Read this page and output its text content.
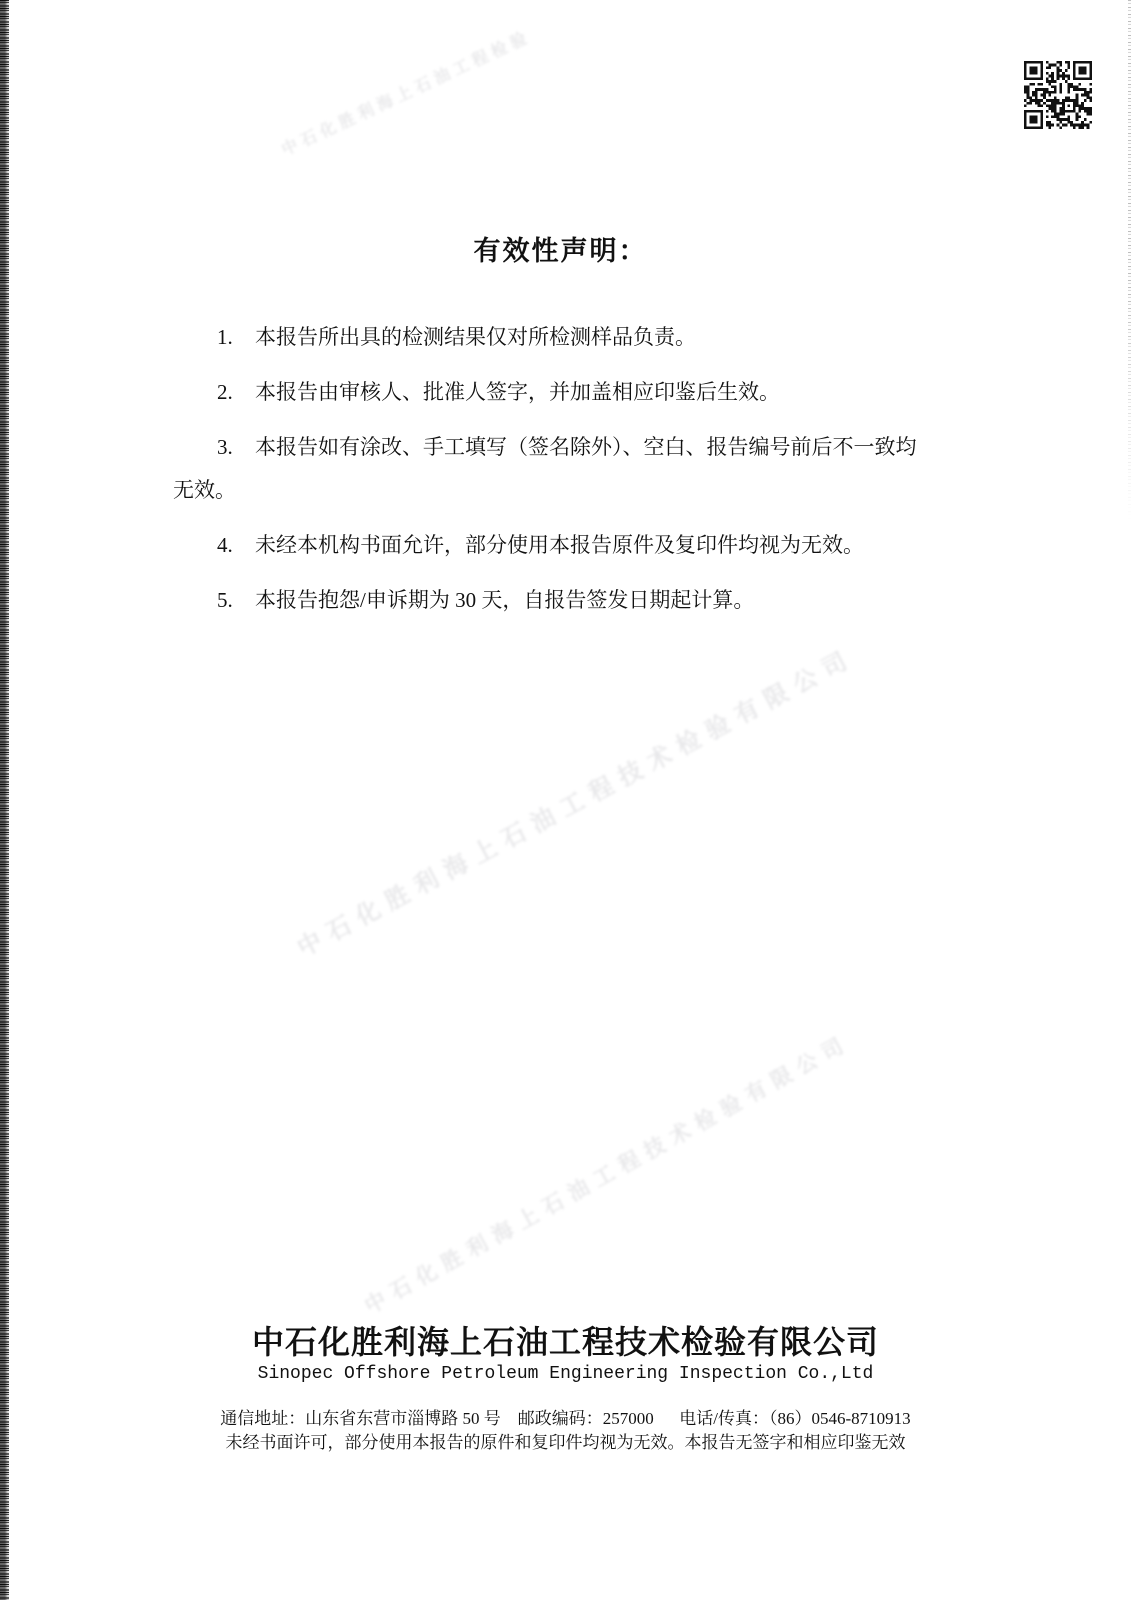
中石化胜利海上石油工程检验
中石化胜利海上石油工程技术检验有限公司
中石化胜利海上石油工程技术检验有限公司
有效性声明：

1. 本报告所出具的检测结果仅对所检测样品负责。

2. 本报告由审核人、批准人签字，并加盖相应印鉴后生效。

3. 本报告如有涂改、手工填写（签名除外）、空白、报告编号前后不一致均
无效。

4. 未经本机构书面允许，部分使用本报告原件及复印件均视为无效。

5. 本报告抱怨/申诉期为 30 天，自报告签发日期起计算。

中石化胜利海上石油工程技术检验有限公司

Sinopec Offshore Petroleum Engineering Inspection Co.,Ltd

通信地址：山东省东营市淄博路 50 号    邮政编码：257000      电话/传真：（86）0546-8710913

未经书面许可，部分使用本报告的原件和复印件均视为无效。本报告无签字和相应印鉴无效
